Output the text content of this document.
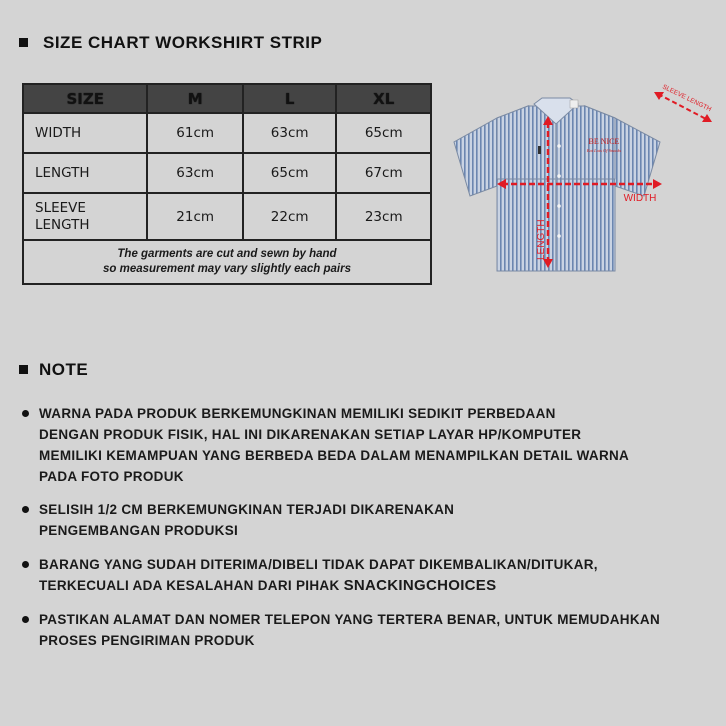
SIZE CHART WORKSHIRT STRIP
SIZE	M	L	XL
WIDTH	61cm	63cm	65cm
LENGTH	63cm	65cm	67cm
SLEEVE
LENGTH	21cm	22cm	23cm
The garments are cut and sewn by hand
so measurement may vary slightly each pairs			
BE NICE
Eat Lots Of Snacks
WIDTH
LENGTH
SLEEVE LENGTH
NOTE
WARNA PADA PRODUK BERKEMUNGKINAN MEMILIKI SEDIKIT PERBEDAAN
DENGAN PRODUK FISIK, HAL INI DIKARENAKAN SETIAP LAYAR HP/KOMPUTER
MEMILIKI KEMAMPUAN YANG BERBEDA BEDA DALAM MENAMPILKAN DETAIL WARNA
PADA FOTO PRODUK
SELISIH 1/2 CM BERKEMUNGKINAN TERJADI DIKARENAKAN
PENGEMBANGAN PRODUKSI
BARANG YANG SUDAH DITERIMA/DIBELI TIDAK DAPAT DIKEMBALIKAN/DITUKAR,
TERKECUALI ADA KESALAHAN DARI PIHAK SNACKINGCHOICES
PASTIKAN ALAMAT DAN NOMER TELEPON YANG TERTERA BENAR, UNTUK MEMUDAHKAN
PROSES PENGIRIMAN PRODUK
